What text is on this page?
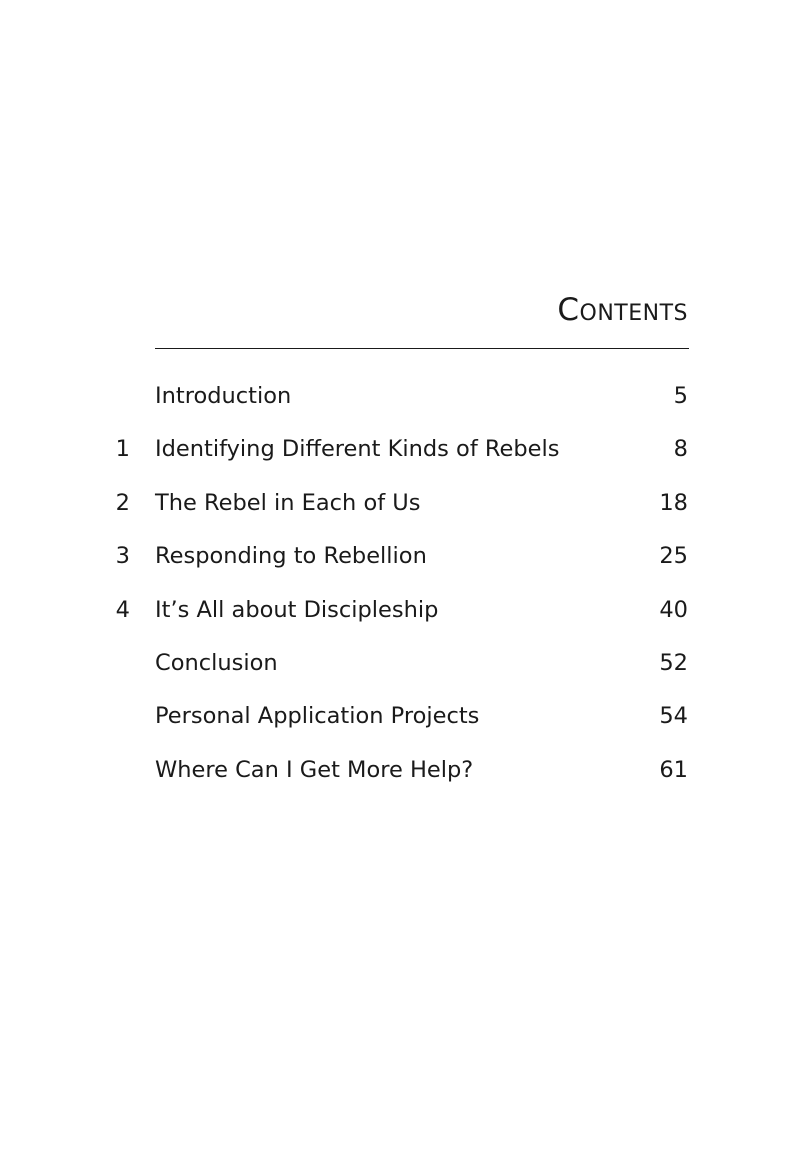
Contents
Introduction	5
1 Identifying Different Kinds of Rebels	8
2 The Rebel in Each of Us	18
3 Responding to Rebellion	25
4 It’s All about Discipleship	40
Conclusion	52
Personal Application Projects	54
Where Can I Get More Help?	61
